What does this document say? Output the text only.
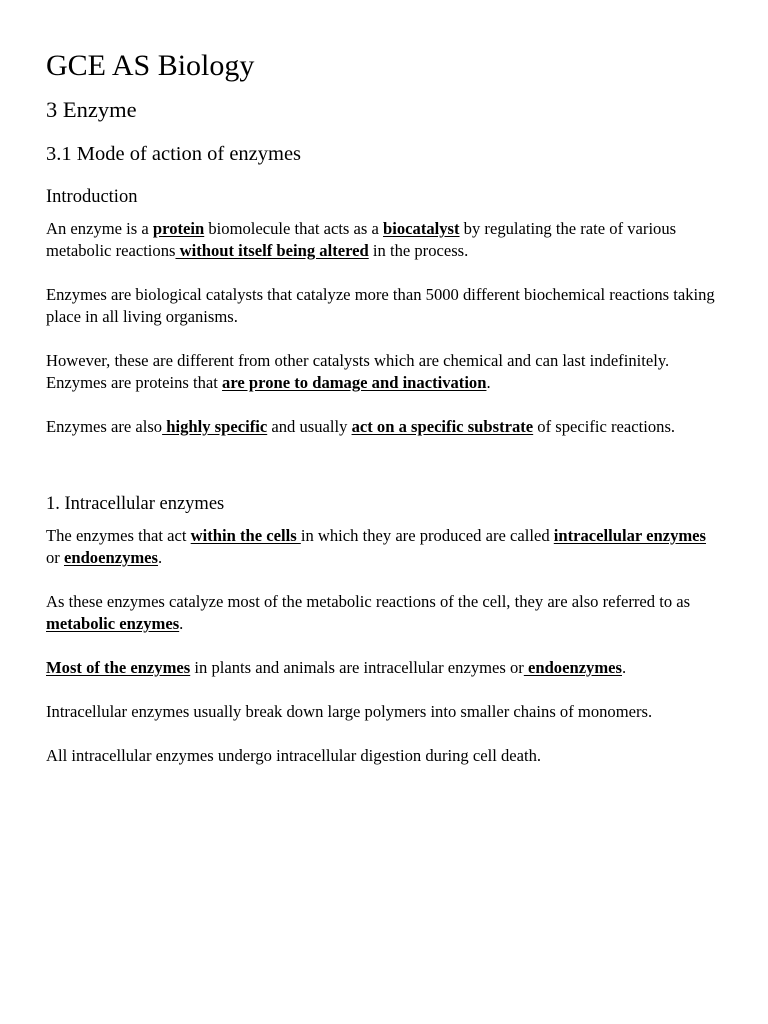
GCE AS Biology
3 Enzyme
3.1 Mode of action of enzymes
Introduction

An enzyme is a protein biomolecule that acts as a biocatalyst by regulating the rate of various metabolic reactions without itself being altered in the process.

Enzymes are biological catalysts that catalyze more than 5000 different biochemical reactions taking place in all living organisms.

However, these are different from other catalysts which are chemical and can last indefinitely. Enzymes are proteins that are prone to damage and inactivation.

Enzymes are also highly specific and usually act on a specific substrate of specific reactions.

1. Intracellular enzymes

The enzymes that act within the cells in which they are produced are called intracellular enzymes or endoenzymes.

As these enzymes catalyze most of the metabolic reactions of the cell, they are also referred to as metabolic enzymes.

Most of the enzymes in plants and animals are intracellular enzymes or endoenzymes.

Intracellular enzymes usually break down large polymers into smaller chains of monomers.

All intracellular enzymes undergo intracellular digestion during cell death.
